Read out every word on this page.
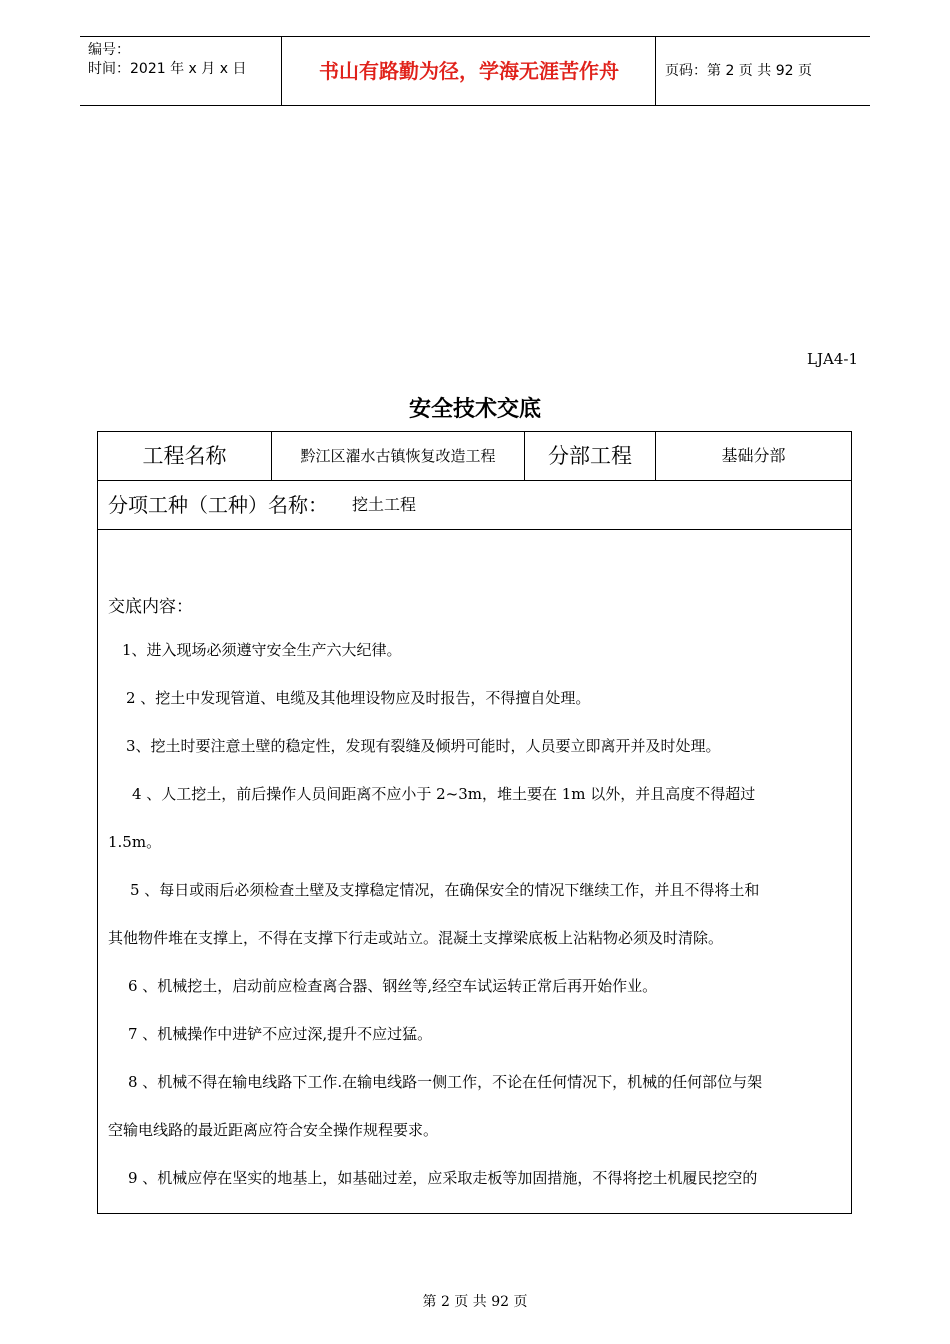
编号：
时间：2021 年 x 月 x 日	书山有路勤为径，学海无涯苦作舟	页码：第 2 页 共 92 页
LJA4-1
安全技术交底
工程名称	黔江区濯水古镇恢复改造工程	分部工程	基础分部
分项工种（工种）名称： 挖土工程
交底内容：
1、进入现场必须遵守安全生产六大纪律。
2 、挖土中发现管道、电缆及其他埋设物应及时报告，不得擅自处理。
3、挖土时要注意土壁的稳定性，发现有裂缝及倾坍可能时，人员要立即离开并及时处理。
4 、人工挖土，前后操作人员间距离不应小于 2~3m，堆土要在 1m 以外，并且高度不得超过
1.5m。
5 、每日或雨后必须检查土壁及支撑稳定情况，在确保安全的情况下继续工作，并且不得将土和
其他物件堆在支撑上，不得在支撑下行走或站立。混凝土支撑梁底板上沾粘物必须及时清除。
6 、机械挖土，启动前应检查离合器、钢丝等,经空车试运转正常后再开始作业。
7 、机械操作中进铲不应过深,提升不应过猛。
8 、机械不得在输电线路下工作.在输电线路一侧工作，不论在任何情况下，机械的任何部位与架
空输电线路的最近距离应符合安全操作规程要求。
9 、机械应停在坚实的地基上，如基础过差，应采取走板等加固措施，不得将挖土机履民挖空的
第 2 页 共 92 页
